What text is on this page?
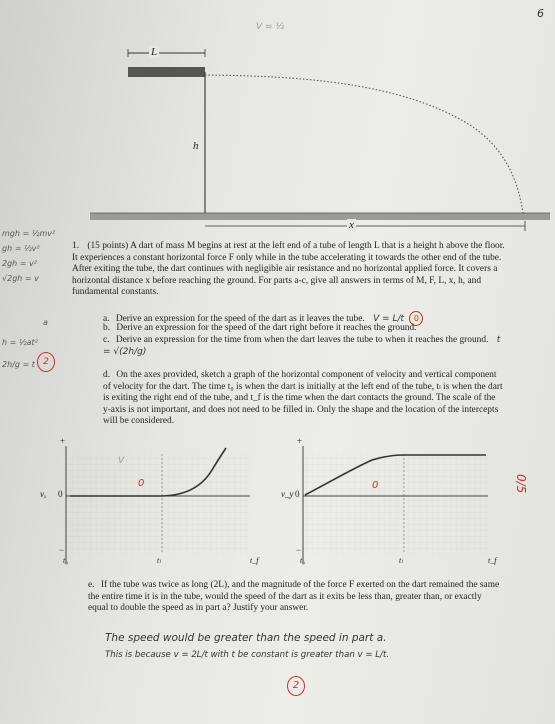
L
h
x
V = ½
6
mgh = ½mv²
gh = ½v²
2gh = v²
√2gh = v
a
h = ½at²
2h/g = t 2

1. (15 points) A dart of mass M begins at rest at the left end of a tube of length L that is a height h above the floor. It experiences a constant horizontal force F only while in the tube accelerating it towards the other end of the tube. After exiting the tube, the dart continues with negligible air resistance and no horizontal applied force. It covers a horizontal distance x before reaching the ground. For parts a-c, give all answers in terms of M, F, L, x, h, and fundamental constants.

a. Derive an expression for the speed of the dart as it leaves the tube. V = L/t 0
b. Derive an expression for the speed of the dart right before it reaches the ground.
c. Derive an expression for the time from when the dart leaves the tube to when it reaches the ground. t = √(2h/g)
d. On the axes provided, sketch a graph of the horizontal component of velocity and vertical component of velocity for the dart. The time t₀ is when the dart is initially at the left end of the tube, tₗ is when the dart is exiting the right end of the tube, and t_f is the time when the dart contacts the ground. The scale of the y-axis is not important, and does not need to be filled in. Only the shape and the location of the intercepts will be considered.
+
vₓ 0
−
t₀	tₗ	t_f
0
V
+
v_y 0
−
t₀	tₗ	t_f
0	0/5
e. If the tube was twice as long (2L), and the magnitude of the force F exerted on the dart remained the same the entire time it is in the tube, would the speed of the dart as it exits be less than, greater than, or exactly equal to double the speed as in part a? Justify your answer.
The speed would be greater than the speed in part a.
This is because v = 2L/t with t be constant is greater than v = L/t.
2
